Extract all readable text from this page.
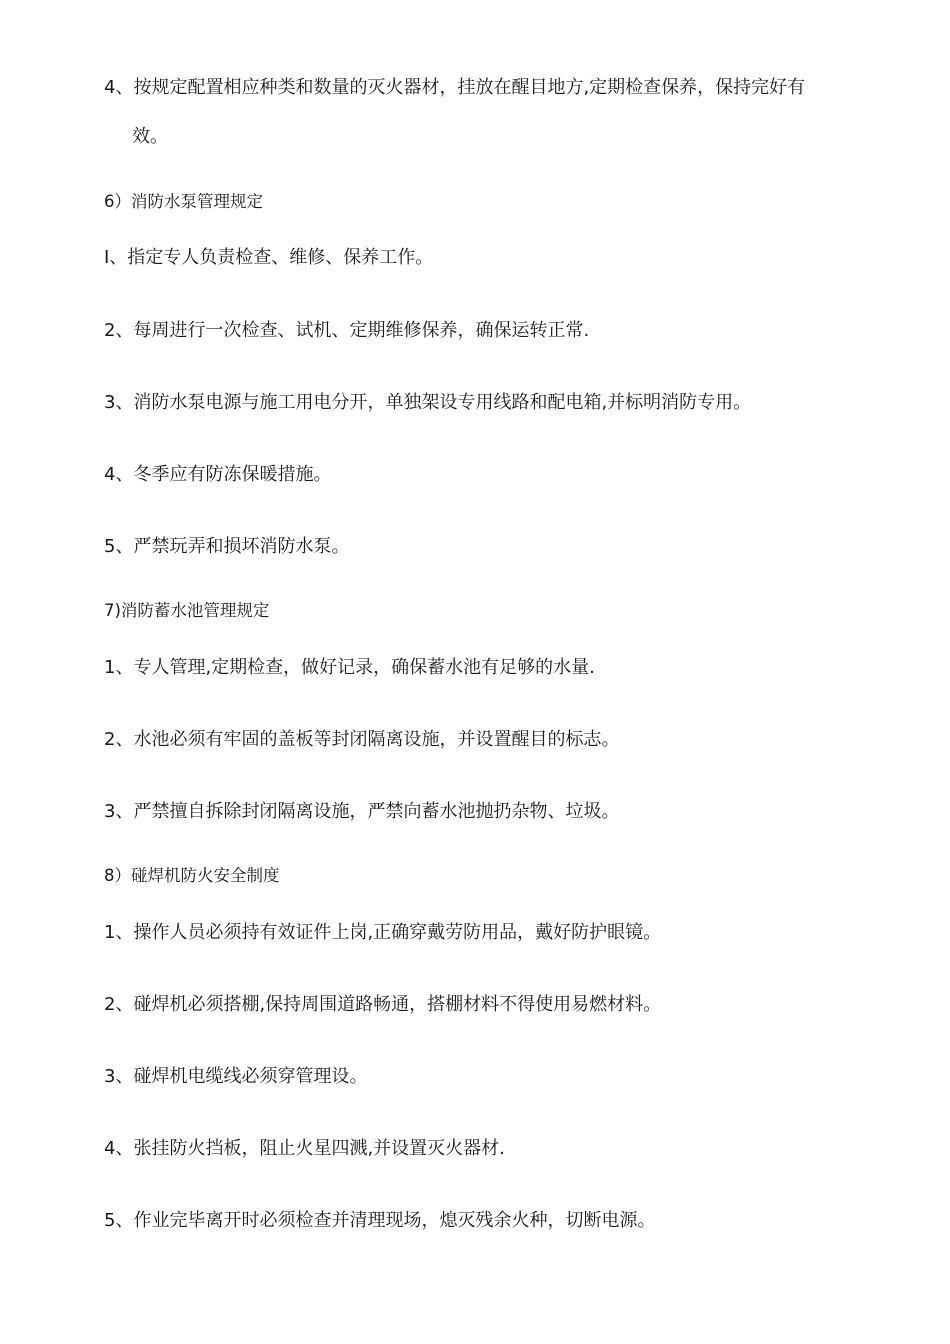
4、按规定配置相应种类和数量的灭火器材，挂放在醒目地方,定期检查保养，保持完好有
效。
6）消防水泵管理规定
I、指定专人负责检查、维修、保养工作。
2、每周进行一次检查、试机、定期维修保养，确保运转正常.
3、消防水泵电源与施工用电分开，单独架设专用线路和配电箱,并标明消防专用。
4、冬季应有防冻保暖措施。
5、严禁玩弄和损坏消防水泵。
7)消防蓄水池管理规定
1、专人管理,定期检查，做好记录，确保蓄水池有足够的水量.
2、水池必须有牢固的盖板等封闭隔离设施，并设置醒目的标志。
3、严禁擅自拆除封闭隔离设施，严禁向蓄水池抛扔杂物、垃圾。
8）碰焊机防火安全制度
1、操作人员必须持有效证件上岗,正确穿戴劳防用品，戴好防护眼镜。
2、碰焊机必须搭棚,保持周围道路畅通，搭棚材料不得使用易燃材料。
3、碰焊机电缆线必须穿管理设。
4、张挂防火挡板，阻止火星四溅,并设置灭火器材.
5、作业完毕离开时必须检查并清理现场，熄灭残余火种，切断电源。
